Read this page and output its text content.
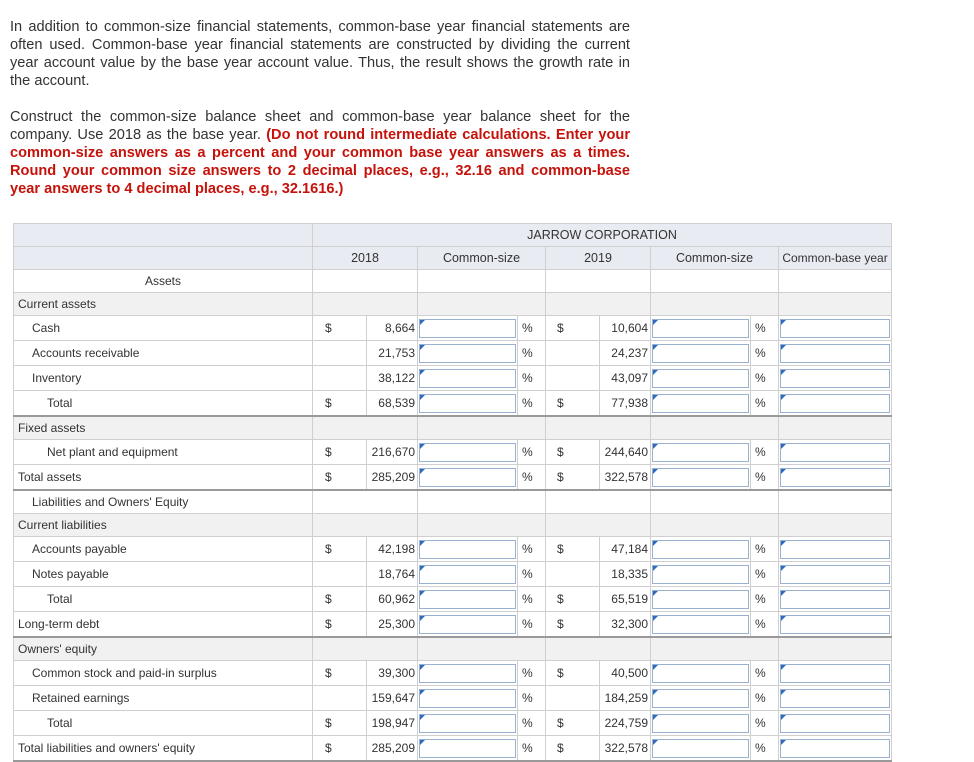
In addition to common-size financial statements, common-base year financial statements are often used. Common-base year financial statements are constructed by dividing the current year account value by the base year account value. Thus, the result shows the growth rate in the account.

Construct the common-size balance sheet and common-base year balance sheet for the company. Use 2018 as the base year. (Do not round intermediate calculations. Enter your common-size answers as a percent and your common base year answers as a times. Round your common size answers to 2 decimal places, e.g., 32.16 and common-base year answers to 4 decimal places, e.g., 32.1616.)

	JARROW CORPORATION								
	2018		Common-size		2019		Common-size		Common-base year
Assets									
Current assets									
Cash	$	8,664		%	$	10,604		%	

Accounts receivable		21,753		%		24,237		%	

Inventory		38,122		%		43,097		%	

Total	$	68,539		%	$	77,938		%	

Fixed assets									
Net plant and equipment	$	216,670		%	$	244,640		%	

Total assets	$	285,209		%	$	322,578		%	

Liabilities and Owners' Equity									
Current liabilities									
Accounts payable	$	42,198		%	$	47,184		%	

Notes payable		18,764		%		18,335		%	

Total	$	60,962		%	$	65,519		%	

Long-term debt	$	25,300		%	$	32,300		%	

Owners' equity									
Common stock and paid-in surplus	$	39,300		%	$	40,500		%	

Retained earnings		159,647		%		184,259		%	

Total	$	198,947		%	$	224,759		%	

Total liabilities and owners' equity	$	285,209		%	$	322,578		%	
